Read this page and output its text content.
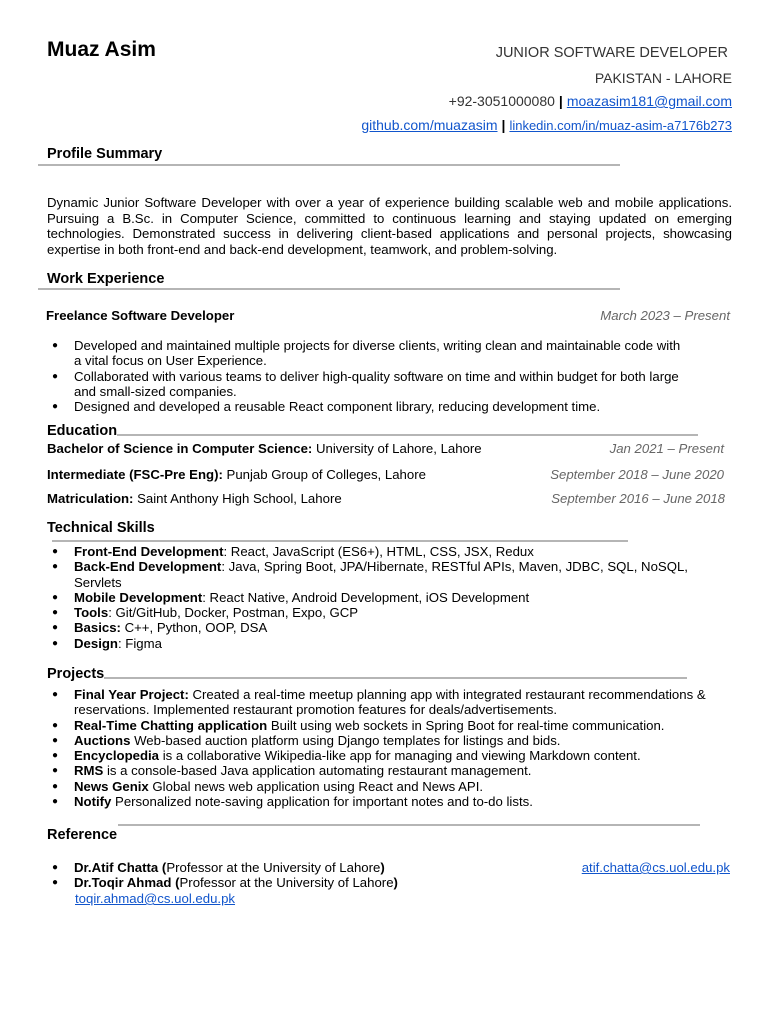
Muaz Asim	JUNIOR SOFTWARE DEVELOPER
PAKISTAN - LAHORE
+92-3051000080 | moazasim181@gmail.com
github.com/muazasim | linkedin.com/in/muaz-asim-a7176b273
Profile Summary
Dynamic Junior Software Developer with over a year of experience building scalable web and mobile applications. Pursuing a B.Sc. in Computer Science, committed to continuous learning and staying updated on emerging technologies. Demonstrated success in delivering client-based applications and personal projects, showcasing expertise in both front-end and back-end development, teamwork, and problem-solving.
Work Experience
Freelance Software Developer	March 2023 – Present
● Developed and maintained multiple projects for diverse clients, writing clean and maintainable code with a vital focus on User Experience.
● Collaborated with various teams to deliver high-quality software on time and within budget for both large and small-sized companies.
● Designed and developed a reusable React component library, reducing development time.
Education
Bachelor of Science in Computer Science: University of Lahore, Lahore	Jan 2021 – Present
Intermediate (FSC-Pre Eng): Punjab Group of Colleges, Lahore	September 2018 – June 2020
Matriculation: Saint Anthony High School, Lahore	September 2016 – June 2018
Technical Skills
● Front-End Development: React, JavaScript (ES6+), HTML, CSS, JSX, Redux
● Back-End Development: Java, Spring Boot, JPA/Hibernate, RESTful APIs, Maven, JDBC, SQL, NoSQL, Servlets
● Mobile Development: React Native, Android Development, iOS Development
● Tools: Git/GitHub, Docker, Postman, Expo, GCP
● Basics: C++, Python, OOP, DSA
● Design: Figma
Projects
● Final Year Project: Created a real-time meetup planning app with integrated restaurant recommendations & reservations. Implemented restaurant promotion features for deals/advertisements.
● Real-Time Chatting application Built using web sockets in Spring Boot for real-time communication.
● Auctions Web-based auction platform using Django templates for listings and bids.
● Encyclopedia is a collaborative Wikipedia-like app for managing and viewing Markdown content.
● RMS is a console-based Java application automating restaurant management.
● News Genix Global news web application using React and News API.
● Notify Personalized note-saving application for important notes and to-do lists.
Reference
● Dr.Atif Chatta (Professor at the University of Lahore)
● Dr.Toqir Ahmad (Professor at the University of Lahore)
atif.chatta@cs.uol.edu.pk
toqir.ahmad@cs.uol.edu.pk
